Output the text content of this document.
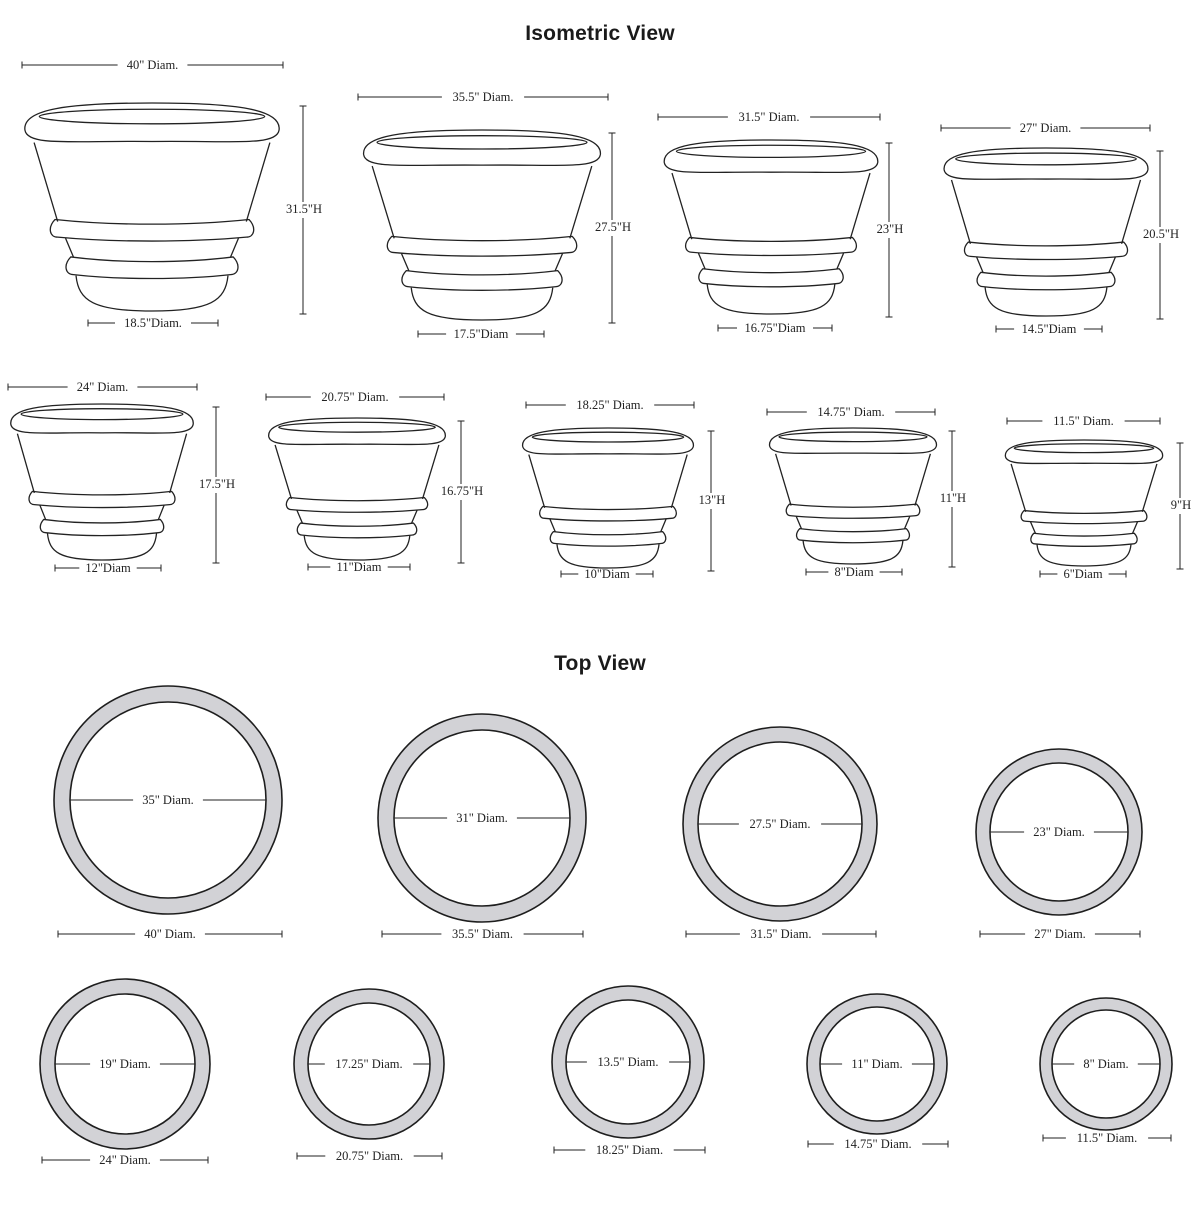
Isometric View
Top View
40" Diam.
31.5"H
18.5"Diam.
35.5" Diam.
27.5"H
17.5"Diam
31.5" Diam.
23"H
16.75"Diam
27" Diam.
20.5"H
14.5"Diam
24" Diam.
17.5"H
12"Diam
20.75" Diam.
16.75"H
11"Diam
18.25" Diam.
13"H
10"Diam
14.75" Diam.
11"H
8"Diam
11.5" Diam.
9"H
6"Diam
35" Diam.
40" Diam.
31" Diam.
35.5" Diam.
27.5" Diam.
31.5" Diam.
23" Diam.
27" Diam.
19" Diam.
24" Diam.
17.25" Diam.
20.75" Diam.
13.5" Diam.
18.25" Diam.
11" Diam.
14.75" Diam.
8" Diam.
11.5" Diam.
